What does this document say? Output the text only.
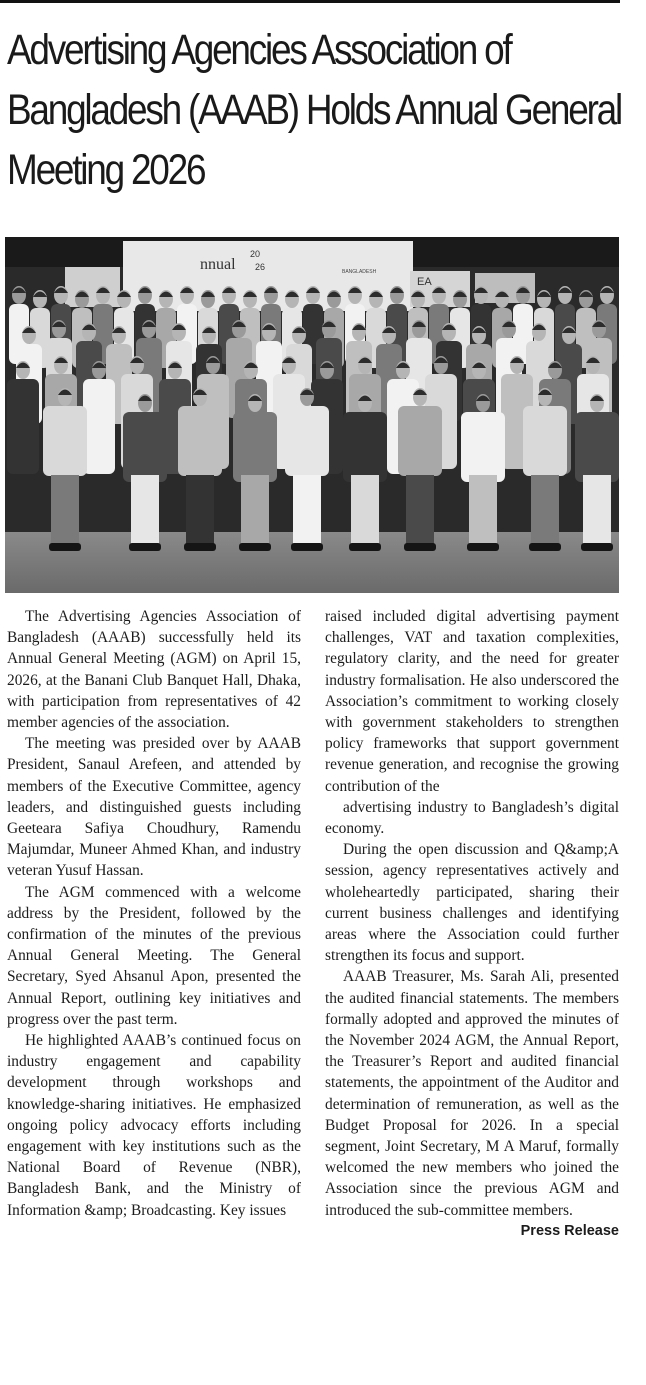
Advertising Agencies Association of Bangladesh (AAAB) Holds Annual General Meeting 2026
nnual
20
26	BANGLADESH
EA

The Advertising Agencies Association of Bangladesh (AAAB) successfully held its Annual General Meeting (AGM) on April 15, 2026, at the Banani Club Banquet Hall, Dhaka, with participation from representatives of 42 member agencies of the association.

The meeting was presided over by AAAB President, Sanaul Arefeen, and attended by members of the Executive Committee, agency leaders, and distinguished guests including Geeteara Safiya Choudhury, Ramendu Majumdar, Muneer Ahmed Khan, and industry veteran Yusuf Hassan.

The AGM commenced with a welcome address by the President, followed by the confirmation of the minutes of the previous Annual General Meeting. The General Secretary, Syed Ahsanul Apon, presented the Annual Report, outlining key initiatives and progress over the past term.

He highlighted AAAB’s continued focus on industry engagement and capability development through workshops and knowledge-sharing initiatives. He emphasized ongoing policy advocacy efforts including engagement with key institutions such as the National Board of Revenue (NBR), Bangladesh Bank, and the Ministry of Information &amp; Broadcasting. Key issues

raised included digital advertising payment challenges, VAT and taxation complexities, regulatory clarity, and the need for greater industry formalisation. He also underscored the Association’s commitment to working closely with government stakeholders to strengthen policy frameworks that support government revenue generation, and recognise the growing contribution of the

advertising industry to Bangladesh’s digital economy.

During the open discussion and Q&amp;A session, agency representatives actively and wholeheartedly participated, sharing their current business challenges and identifying areas where the Association could further strengthen its focus and support.

AAAB Treasurer, Ms. Sarah Ali, presented the audited financial statements. The members formally adopted and approved the minutes of the November 2024 AGM, the Annual Report, the Treasurer’s Report and audited financial statements, the appointment of the Auditor and determination of remuneration, as well as the Budget Proposal for 2026. In a special segment, Joint Secretary, M A Maruf, formally welcomed the new members who joined the Association since the previous AGM and introduced the sub-committee members.
Press Release
